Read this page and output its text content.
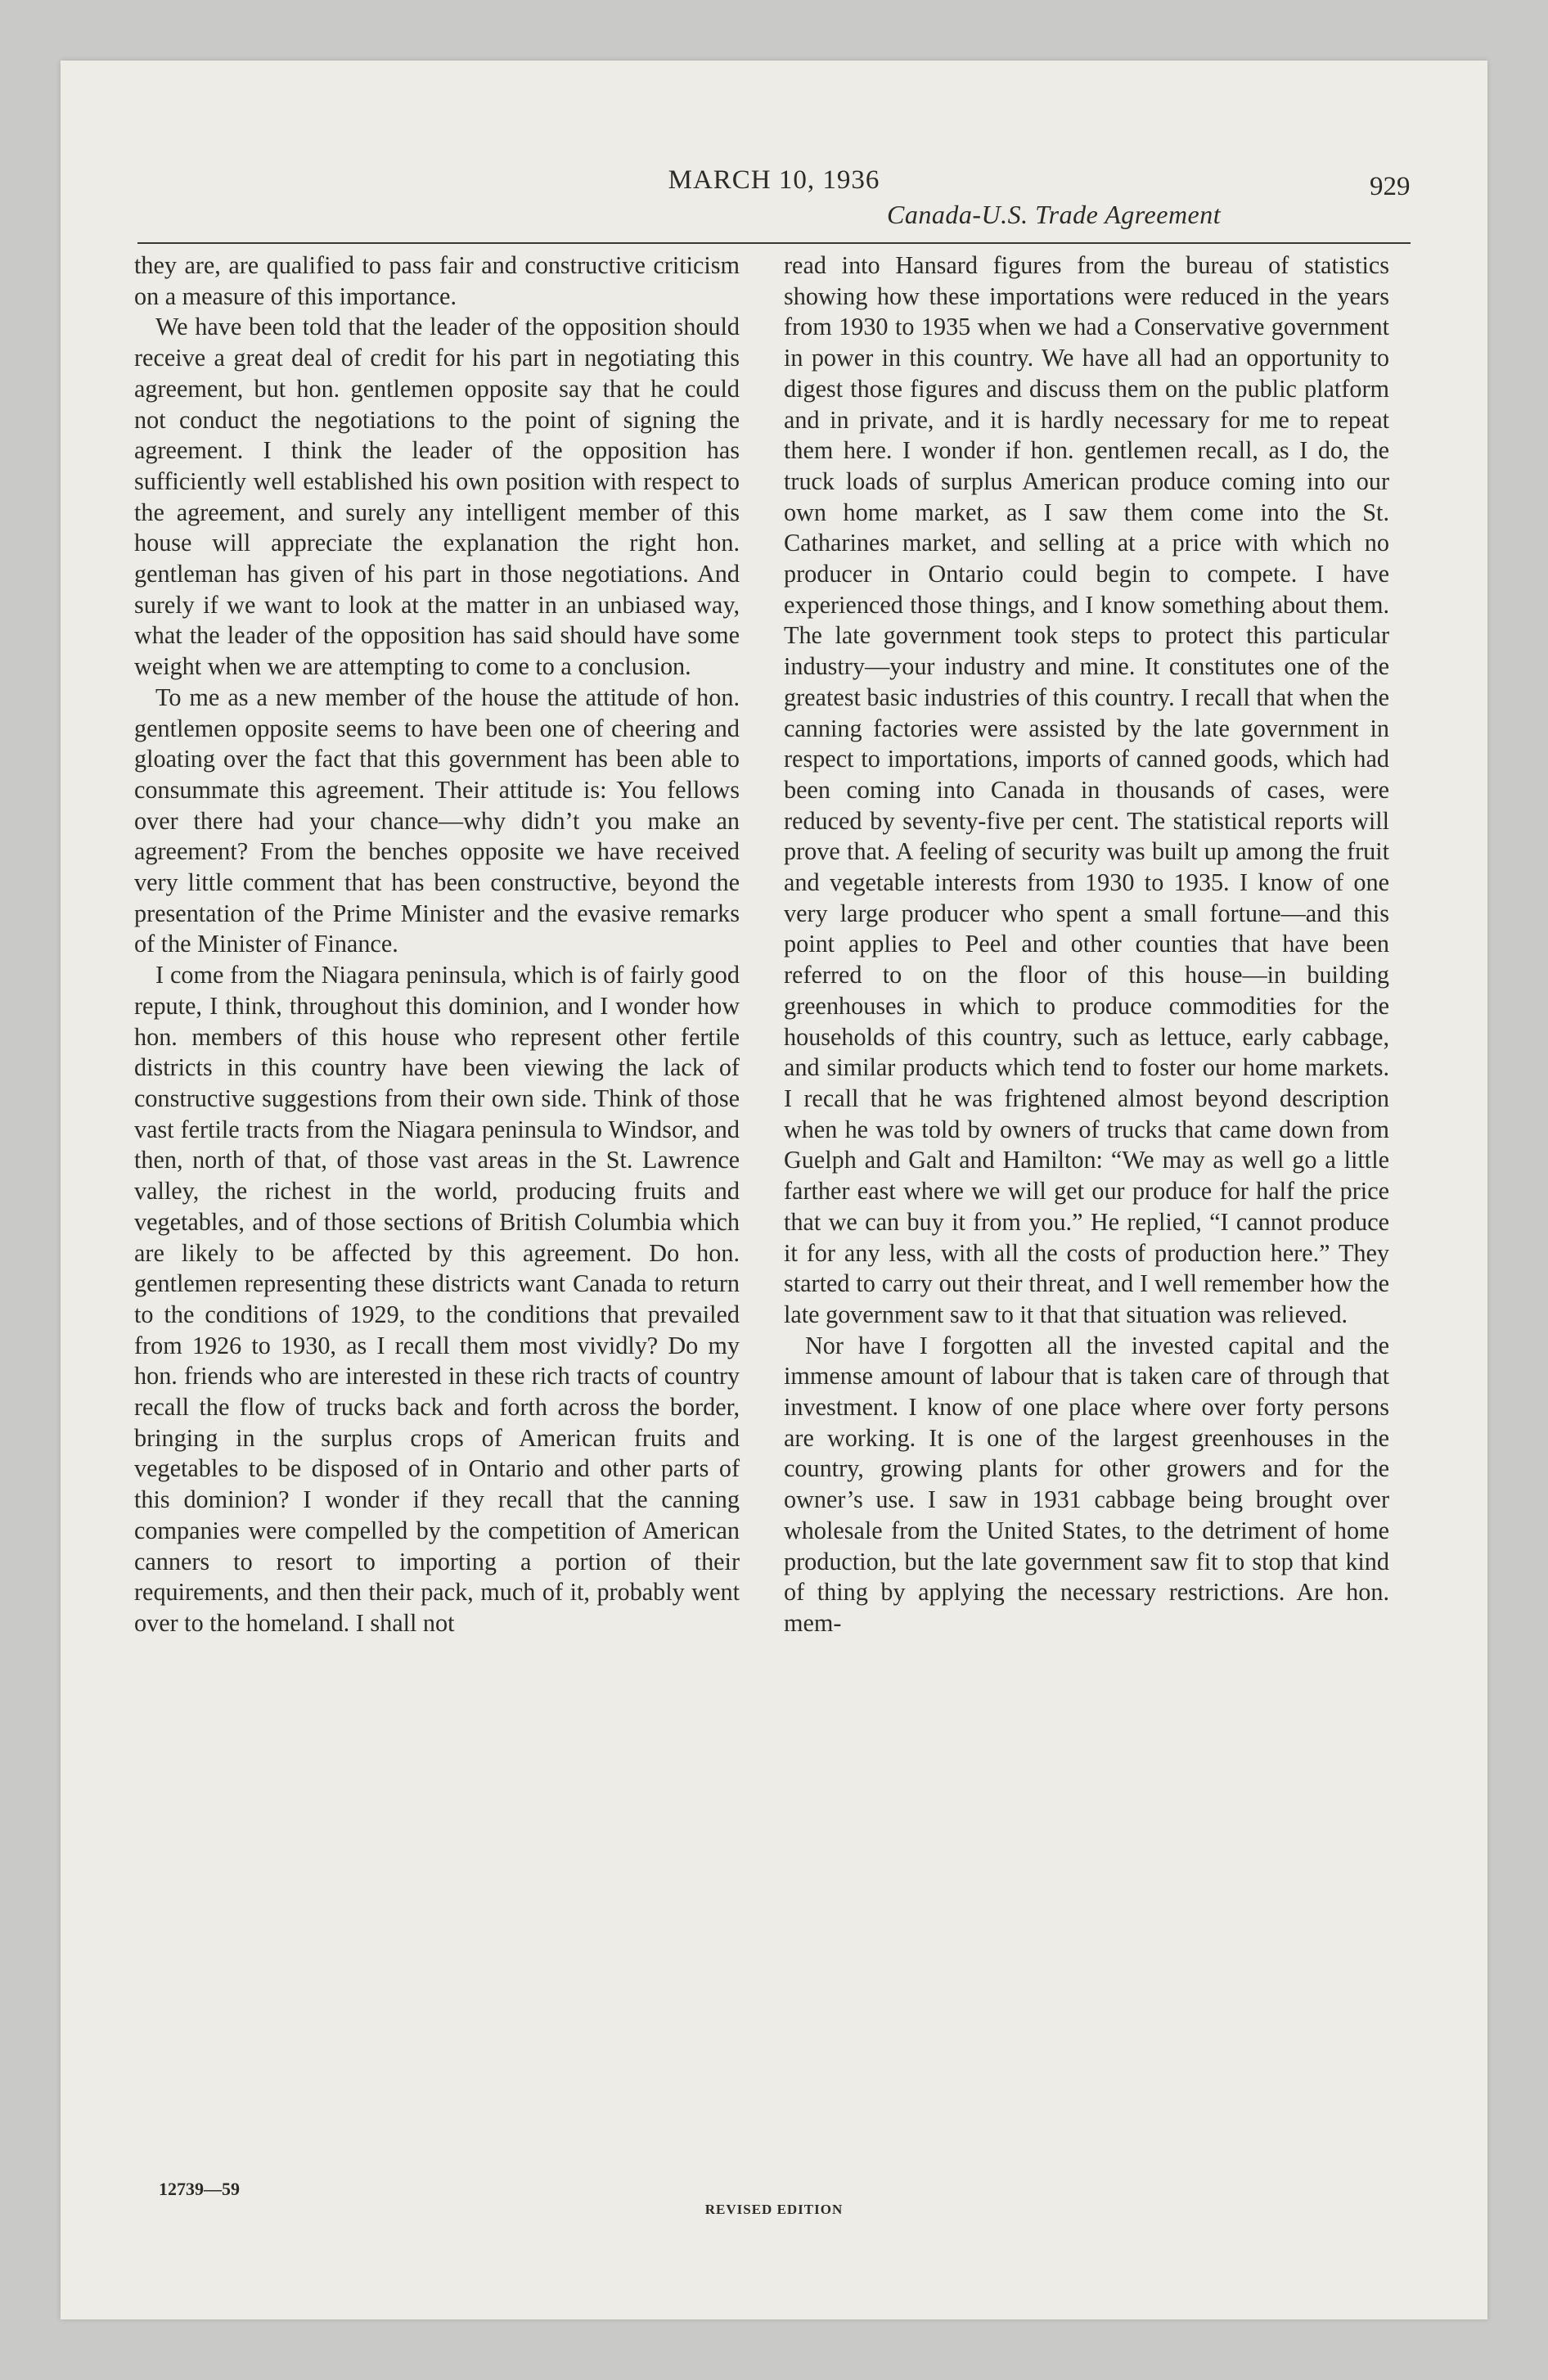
MARCH 10, 1936	929
Canada-U.S. Trade Agreement

they are, are qualified to pass fair and constructive criticism on a measure of this importance.

We have been told that the leader of the opposition should receive a great deal of credit for his part in negotiating this agreement, but hon. gentlemen opposite say that he could not conduct the negotiations to the point of signing the agreement. I think the leader of the opposition has sufficiently well established his own position with respect to the agreement, and surely any intelligent member of this house will appreciate the explanation the right hon. gentleman has given of his part in those negotiations. And surely if we want to look at the matter in an unbiased way, what the leader of the opposition has said should have some weight when we are attempting to come to a conclusion.

To me as a new member of the house the attitude of hon. gentlemen opposite seems to have been one of cheering and gloating over the fact that this government has been able to consummate this agreement. Their attitude is: You fellows over there had your chance—why didn’t you make an agreement? From the benches opposite we have received very little comment that has been constructive, beyond the presentation of the Prime Minister and the evasive remarks of the Minister of Finance.

I come from the Niagara peninsula, which is of fairly good repute, I think, throughout this dominion, and I wonder how hon. members of this house who represent other fertile districts in this country have been viewing the lack of constructive suggestions from their own side. Think of those vast fertile tracts from the Niagara peninsula to Windsor, and then, north of that, of those vast areas in the St. Lawrence valley, the richest in the world, producing fruits and vegetables, and of those sections of British Columbia which are likely to be affected by this agreement. Do hon. gentlemen representing these districts want Canada to return to the conditions of 1929, to the conditions that prevailed from 1926 to 1930, as I recall them most vividly? Do my hon. friends who are interested in these rich tracts of country recall the flow of trucks back and forth across the border, bringing in the surplus crops of American fruits and vegetables to be disposed of in Ontario and other parts of this dominion? I wonder if they recall that the canning companies were compelled by the competition of American canners to resort to importing a portion of their requirements, and then their pack, much of it, probably went over to the homeland. I shall not

read into Hansard figures from the bureau of statistics showing how these importations were reduced in the years from 1930 to 1935 when we had a Conservative government in power in this country. We have all had an opportunity to digest those figures and discuss them on the public platform and in private, and it is hardly necessary for me to repeat them here. I wonder if hon. gentlemen recall, as I do, the truck loads of surplus American produce coming into our own home market, as I saw them come into the St. Catharines market, and selling at a price with which no producer in Ontario could begin to compete. I have experienced those things, and I know something about them. The late government took steps to protect this particular industry—your industry and mine. It constitutes one of the greatest basic industries of this country. I recall that when the canning factories were assisted by the late government in respect to importations, imports of canned goods, which had been coming into Canada in thousands of cases, were reduced by seventy-five per cent. The statistical reports will prove that. A feeling of security was built up among the fruit and vegetable interests from 1930 to 1935. I know of one very large producer who spent a small fortune—and this point applies to Peel and other counties that have been referred to on the floor of this house—in building greenhouses in which to produce commodities for the households of this country, such as lettuce, early cabbage, and similar products which tend to foster our home markets. I recall that he was frightened almost beyond description when he was told by owners of trucks that came down from Guelph and Galt and Hamilton: “We may as well go a little farther east where we will get our produce for half the price that we can buy it from you.” He replied, “I cannot produce it for any less, with all the costs of production here.” They started to carry out their threat, and I well remember how the late government saw to it that that situation was relieved.

Nor have I forgotten all the invested capital and the immense amount of labour that is taken care of through that investment. I know of one place where over forty persons are working. It is one of the largest greenhouses in the country, growing plants for other growers and for the owner’s use. I saw in 1931 cabbage being brought over wholesale from the United States, to the detriment of home production, but the late government saw fit to stop that kind of thing by applying the necessary restrictions. Are hon. mem-

12739—59
REVISED EDITION
